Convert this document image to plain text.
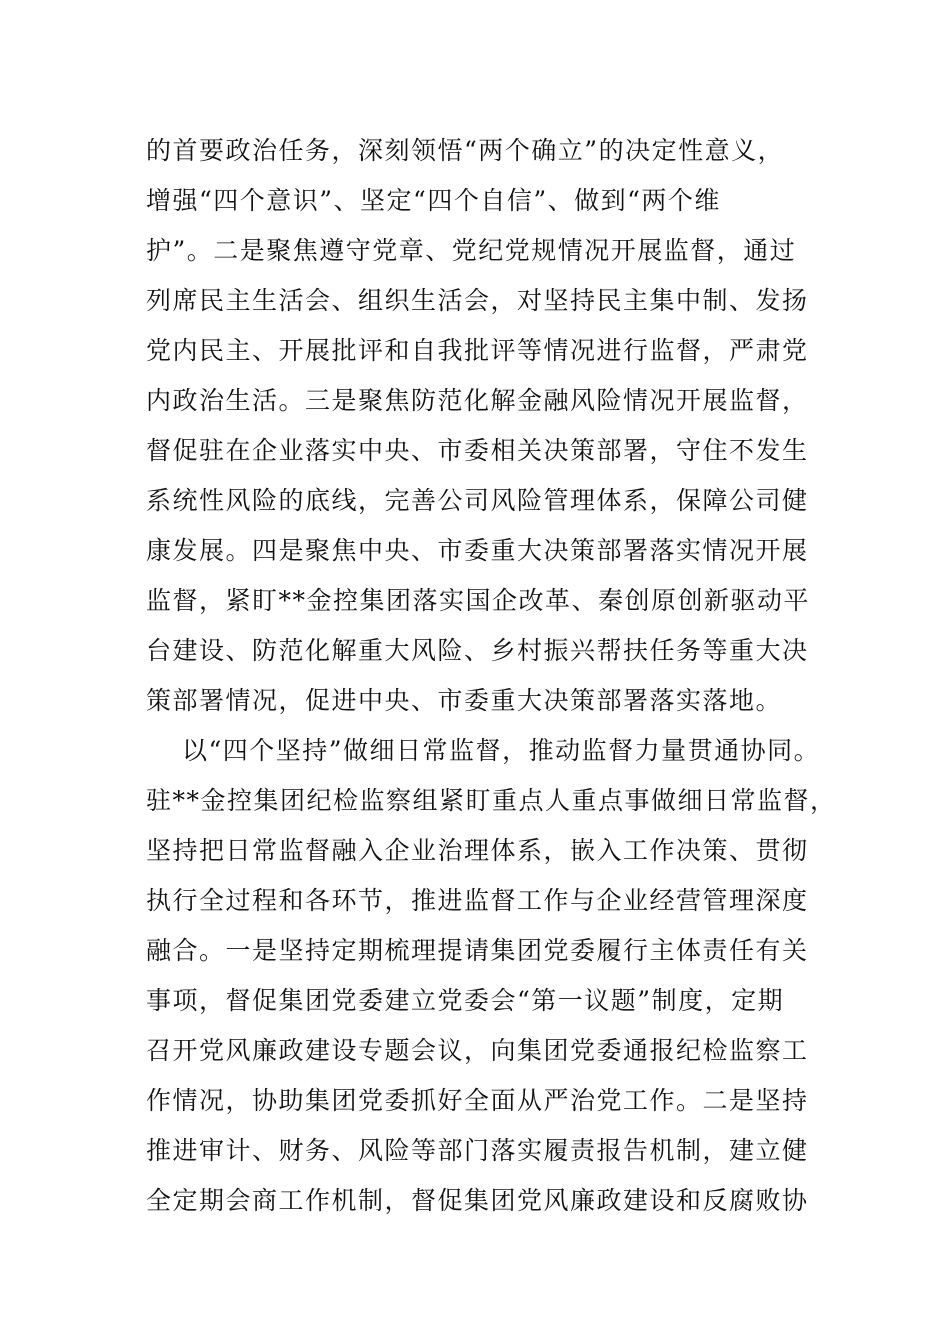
的首要政治任务，深刻领悟“两个确立”的决定性意义，
增强“四个意识”、坚定“四个自信”、做到“两个维
护”。二是聚焦遵守党章、党纪党规情况开展监督，通过
列席民主生活会、组织生活会，对坚持民主集中制、发扬
党内民主、开展批评和自我批评等情况进行监督，严肃党
内政治生活。三是聚焦防范化解金融风险情况开展监督，
督促驻在企业落实中央、市委相关决策部署，守住不发生
系统性风险的底线，完善公司风险管理体系，保障公司健
康发展。四是聚焦中央、市委重大决策部署落实情况开展
监督，紧盯**金控集团落实国企改革、秦创原创新驱动平
台建设、防范化解重大风险、乡村振兴帮扶任务等重大决
策部署情况，促进中央、市委重大决策部署落实落地。
以“四个坚持”做细日常监督，推动监督力量贯通协同。
驻**金控集团纪检监察组紧盯重点人重点事做细日常监督，
坚持把日常监督融入企业治理体系，嵌入工作决策、贯彻
执行全过程和各环节，推进监督工作与企业经营管理深度
融合。一是坚持定期梳理提请集团党委履行主体责任有关
事项，督促集团党委建立党委会“第一议题”制度，定期
召开党风廉政建设专题会议，向集团党委通报纪检监察工
作情况，协助集团党委抓好全面从严治党工作。二是坚持
推进审计、财务、风险等部门落实履责报告机制，建立健
全定期会商工作机制，督促集团党风廉政建设和反腐败协
